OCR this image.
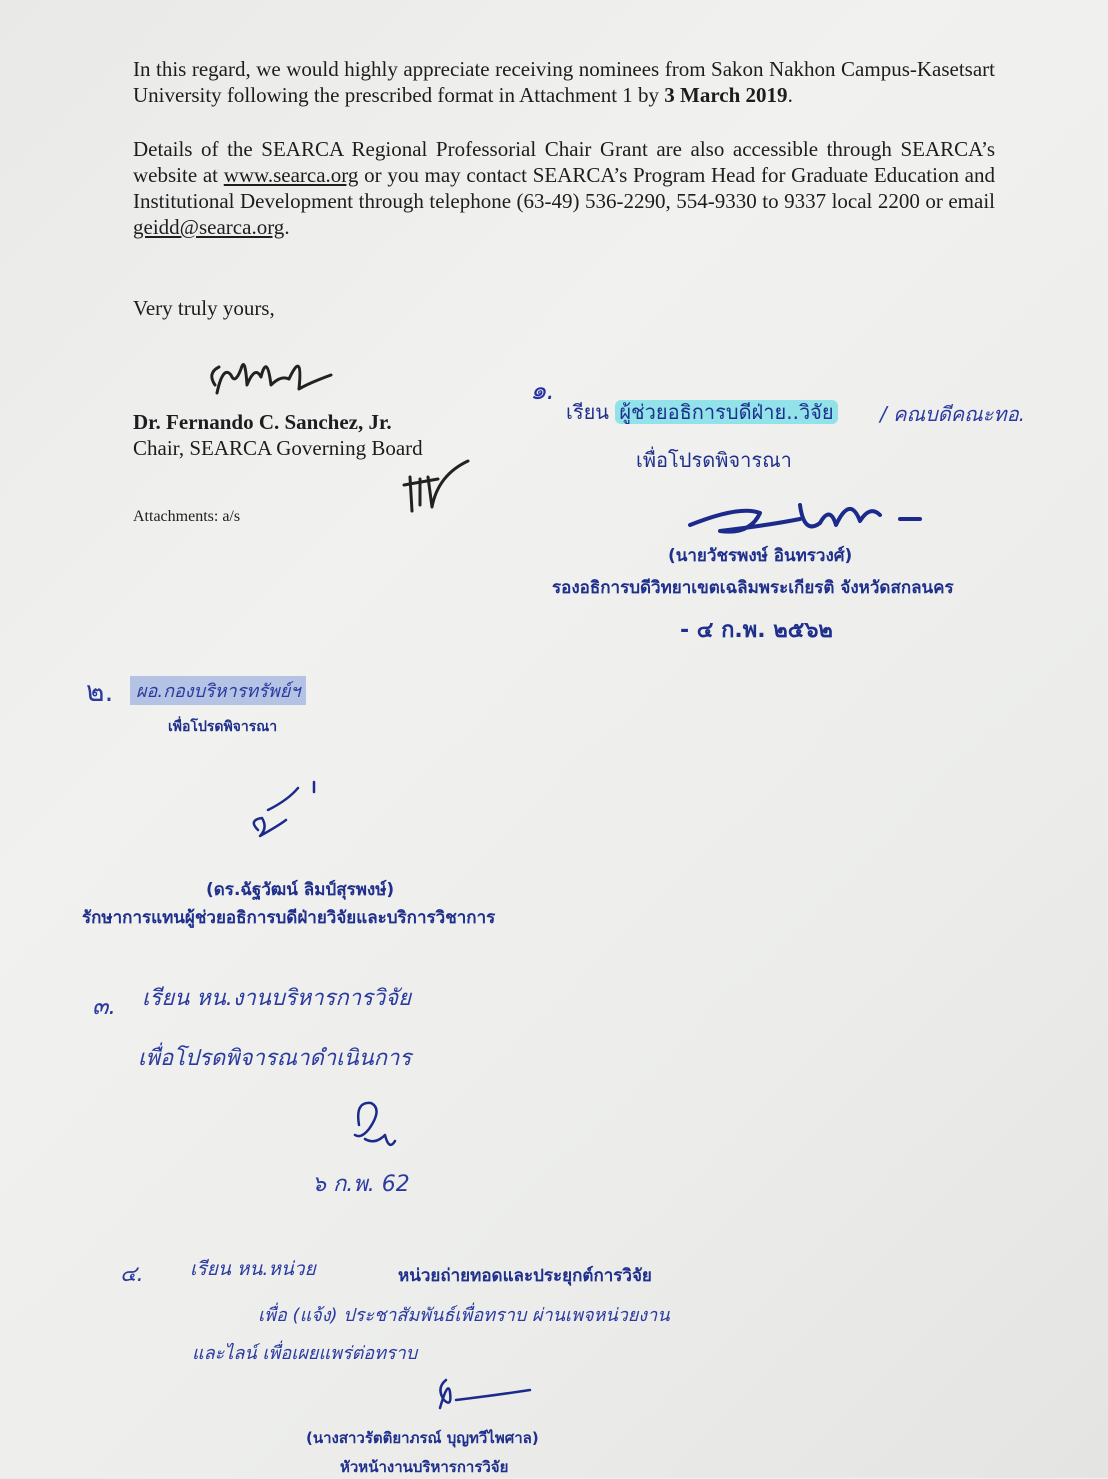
In this regard, we would highly appreciate receiving nominees from Sakon Nakhon Campus-Kasetsart University following the prescribed format in Attachment 1 by 3 March 2019.
Details of the SEARCA Regional Professorial Chair Grant are also accessible through SEARCA’s website at www.searca.org or you may contact SEARCA’s Program Head for Graduate Education and Institutional Development through telephone (63-49) 536-2290, 554-9330 to 9337 local 2200 or email geidd@searca.org.
Very truly yours,
Dr. Fernando C. Sanchez, Jr.
Chair, SEARCA Governing Board
Attachments: a/s
๑.
เรียน ผู้ช่วยอธิการบดีฝ่าย..วิจัย / คณบดีคณะทอ.
เพื่อโปรดพิจารณา
(นายวัชรพงษ์ อินทรวงศ์)
รองอธิการบดีวิทยาเขตเฉลิมพระเกียรติ จังหวัดสกลนคร
- ๔ ก.พ. ๒๕๖๒
๒.	ผอ.กองบริหารทรัพย์ฯ
เพื่อโปรดพิจารณา
(ดร.ฉัฐวัฒน์ ลิมป์สุรพงษ์)
รักษาการแทนผู้ช่วยอธิการบดีฝ่ายวิจัยและบริการวิชาการ
๓. เรียน หน.งานบริหารการวิจัย
เพื่อโปรดพิจารณาดำเนินการ
๖ ก.พ. 62
๔. เรียน หน.หน่วย	หน่วยถ่ายทอดและประยุกต์การวิจัย
เพื่อ (แจ้ง) ประชาสัมพันธ์เพื่อทราบ ผ่านเพจหน่วยงาน
และไลน์ เพื่อเผยแพร่ต่อทราบ
(นางสาวรัตติยาภรณ์ บุญทวีไพศาล)
หัวหน้างานบริหารการวิจัย
